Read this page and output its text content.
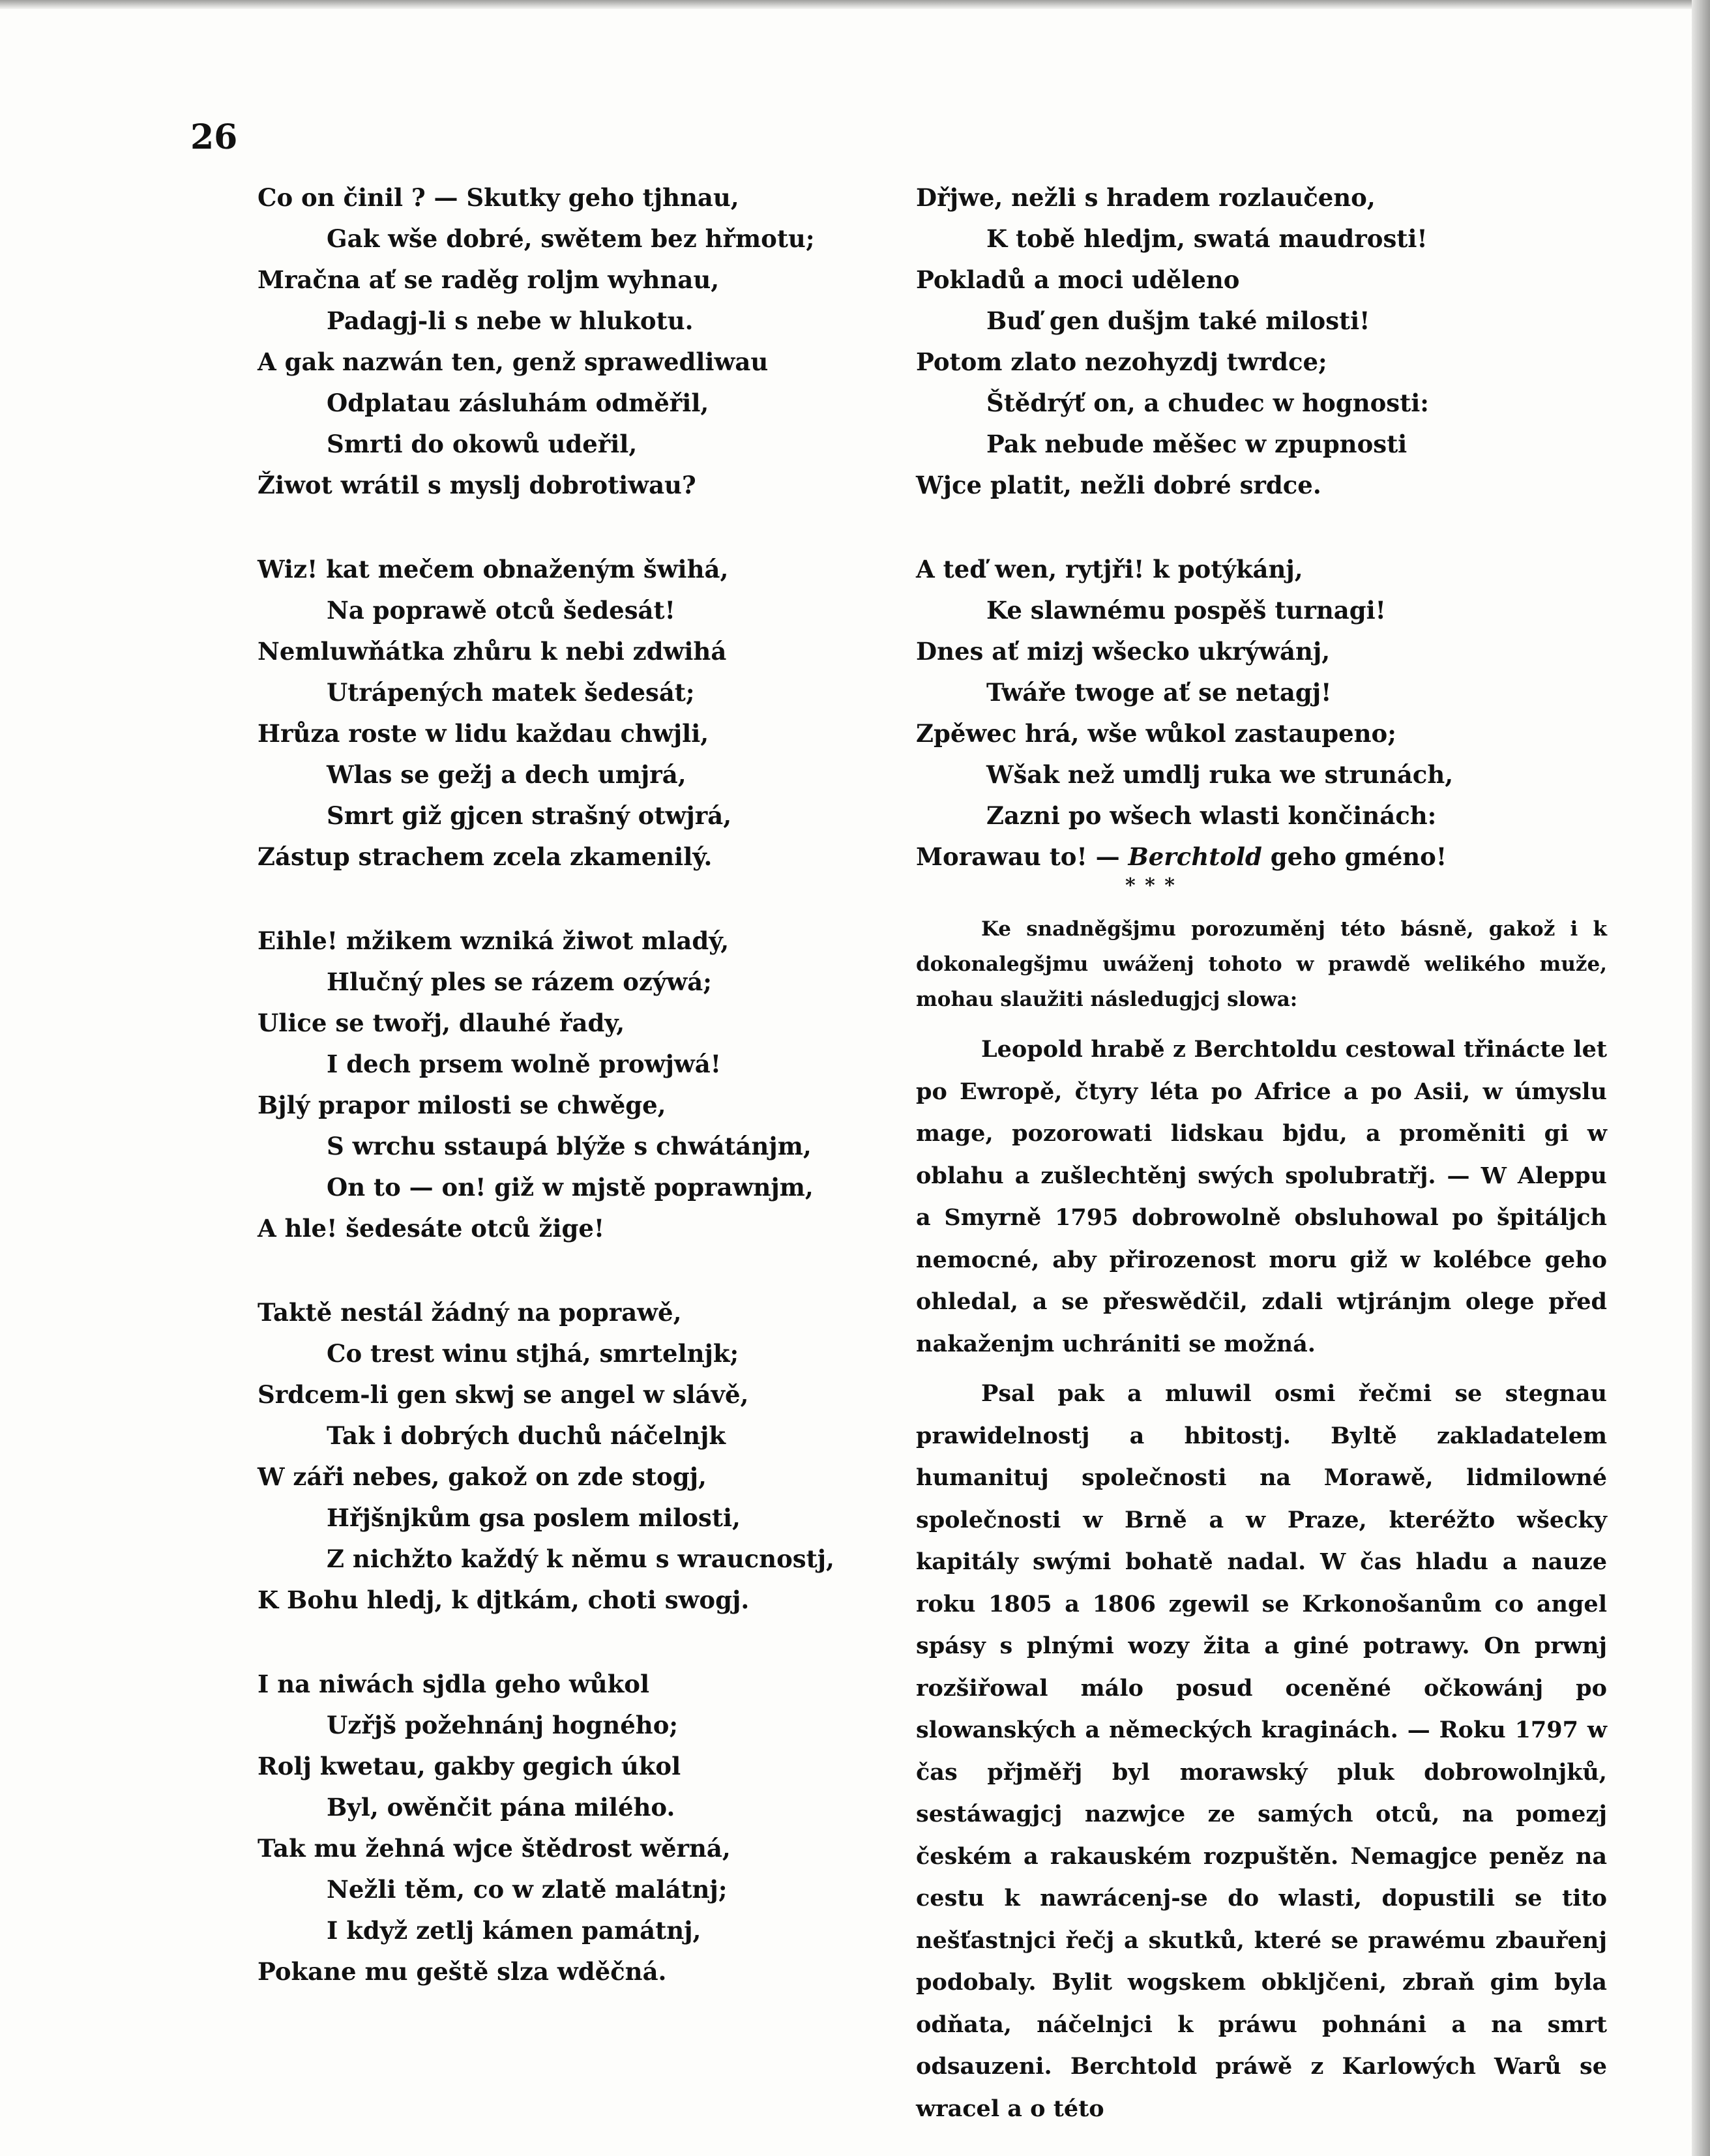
26
Co on činil ? — Skutky geho tjhnau,
Gak wše dobré, swětem bez hřmotu;
Mračna ať se raděg roljm wyhnau,
Padagj-li s nebe w hlukotu.
A gak nazwán ten, genž sprawedliwau
Odplatau zásluhám odměřil,
Smrti do okowů udeřil,
Žiwot wrátil s myslj dobrotiwau?
Wiz! kat mečem obnaženým šwihá,
Na poprawě otců šedesát!
Nemluwňátka zhůru k nebi zdwihá
Utrápených matek šedesát;
Hrůza roste w lidu každau chwjli,
Wlas se gežj a dech umjrá,
Smrt giž gjcen strašný otwjrá,
Zástup strachem zcela zkamenilý.
Eihle! mžikem wzniká žiwot mladý,
Hlučný ples se rázem ozýwá;
Ulice se twořj, dlauhé řady,
I dech prsem wolně prowjwá!
Bjlý prapor milosti se chwěge,
S wrchu sstaupá blýže s chwátánjm,
On to — on! giž w mjstě poprawnjm,
A hle! šedesáte otců žige!
Taktě nestál žádný na poprawě,
Co trest winu stjhá, smrtelnjk;
Srdcem-li gen skwj se angel w slávě,
Tak i dobrých duchů náčelnjk
W záři nebes, gakož on zde stogj,
Hřjšnjkům gsa poslem milosti,
Z nichžto každý k němu s wraucnostj,
K Bohu hledj, k djtkám, choti swogj.
I na niwách sjdla geho wůkol
Uzřjš požehnánj hogného;
Rolj kwetau, gakby gegich úkol
Byl, owěnčit pána milého.
Tak mu žehná wjce štědrost wěrná,
Nežli těm, co w zlatě malátnj;
I když zetlj kámen památnj,
Pokane mu geště slza wděčná.
Dřjwe, nežli s hradem rozlaučeno,
K tobě hledjm, swatá maudrosti!
Pokladů a moci uděleno
Buď gen dušjm také milosti!
Potom zlato nezohyzdj twrdce;
Štědrýť on, a chudec w hognosti:
Pak nebude měšec w zpupnosti
Wjce platit, nežli dobré srdce.
A teď wen, rytjři! k potýkánj,
Ke slawnému pospěš turnagi!
Dnes ať mizj wšecko ukrýwánj,
Twáře twoge ať se netagj!
Zpěwec hrá, wše wůkol zastaupeno;
Wšak než umdlj ruka we strunách,
Zazni po wšech wlasti končinách:
Morawau to! — Berchtold geho gméno!
* * *
Ke snadněgšjmu porozuměnj této básně, gakož i k dokonalegšjmu uwáženj tohoto w prawdě welikého muže, mohau slaužiti následugjcj slowa:

Leopold hrabě z Berchtoldu cestowal třinácte let po Ewropě, čtyry léta po Africe a po Asii, w úmyslu mage, pozorowati lidskau bjdu, a proměniti gi w oblahu a zušlechtěnj swých spolubratřj. — W Aleppu a Smyrně 1795 dobrowolně obsluhowal po špitáljch nemocné, aby přirozenost moru giž w kolébce geho ohledal, a se přeswědčil, zdali wtjránjm olege před nakaženjm uchrániti se možná.

Psal pak a mluwil osmi řečmi se stegnau prawidelnostj a hbitostj. Byltě zakladatelem humanituj společnosti na Morawě, lidmilowné společnosti w Brně a w Praze, kteréžto wšecky kapitály swými bohatě nadal. W čas hladu a nauze roku 1805 a 1806 zgewil se Krkonošanům co angel spásy s plnými wozy žita a giné potrawy. On prwnj rozšiřowal málo posud oceněné očkowánj po slowanských a německých kraginách. — Roku 1797 w čas přjměřj byl morawský pluk dobrowolnjků, sestáwagjcj nazwjce ze samých otců, na pomezj českém a rakauském rozpuštěn. Nemagjce peněz na cestu k nawrácenj-se do wlasti, dopustili se tito nešťastnjci řečj a skutků, které se prawému zbauřenj podobaly. Bylit wogskem obkljčeni, zbraň gim byla odňata, náčelnjci k práwu pohnáni a na smrt odsauzeni. Berchtold práwě z Karlowých Warů se wracel a o této
